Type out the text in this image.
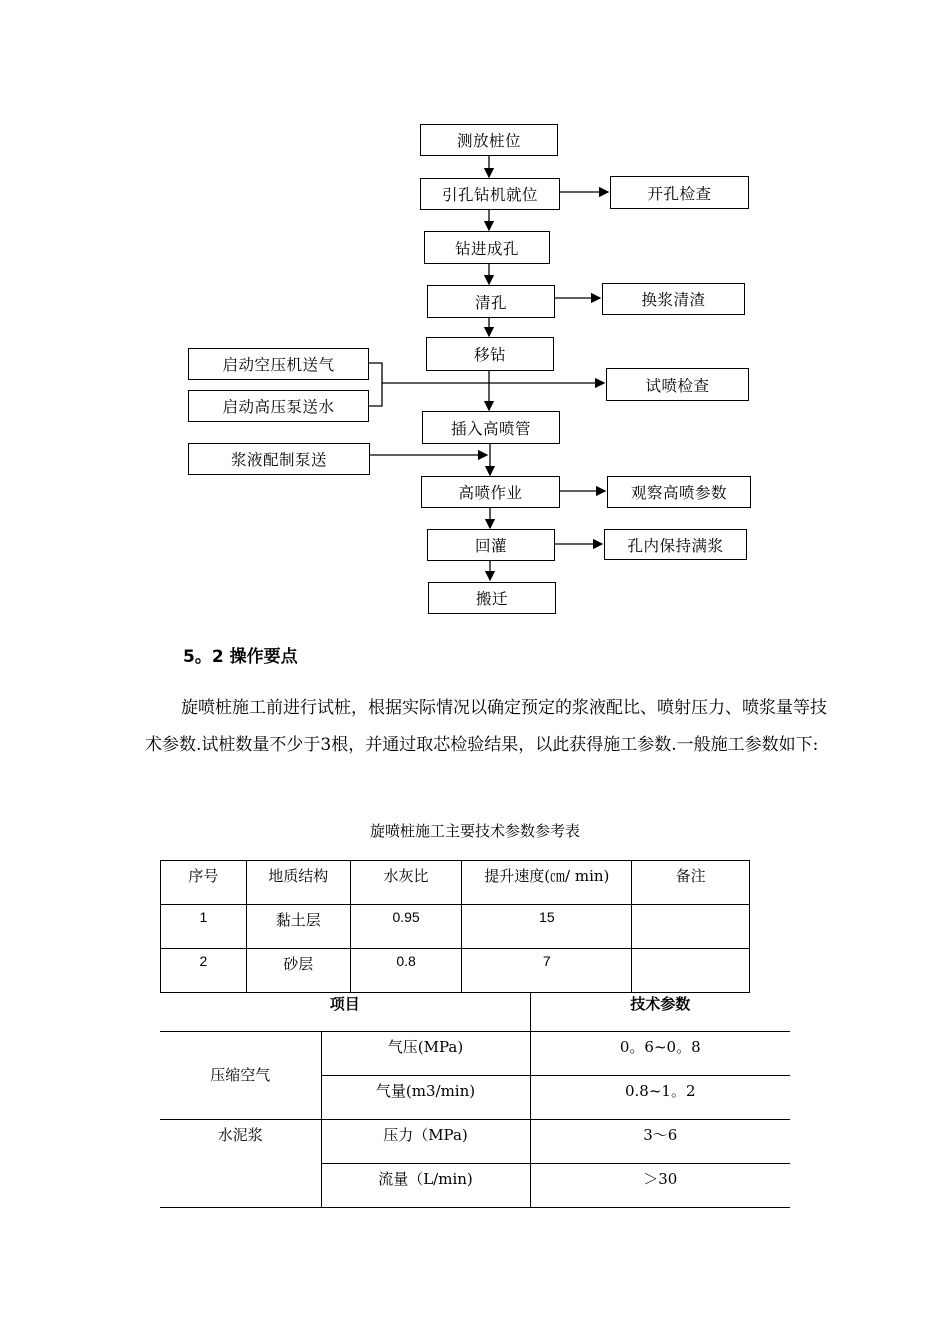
测放桩位
引孔钻机就位
钻进成孔
清孔
移钻
插入高喷管
高喷作业
回灌
搬迁
开孔检查
换浆清渣
试喷检查
观察高喷参数
孔内保持满浆
启动空压机送气
启动高压泵送水
浆液配制泵送
5。2 操作要点
旋喷桩施工前进行试桩，根据实际情况以确定预定的浆液配比、喷射压力、喷浆量等技术参数.试桩数量不少于3根，并通过取芯检验结果，以此获得施工参数.一般施工参数如下:
旋喷桩施工主要技术参数参考表
序号	地质结构	水灰比	提升速度(㎝/ min)	备注
1	黏土层	0.95	15	
2	砂层	0.8	7	
项目		技术参数
压缩空气	气压(MPa)	0。6~0。8
	气量(m3/min)	0.8~1。2
水泥浆	压力（MPa)	3～6
	流量（L/min)	＞30
